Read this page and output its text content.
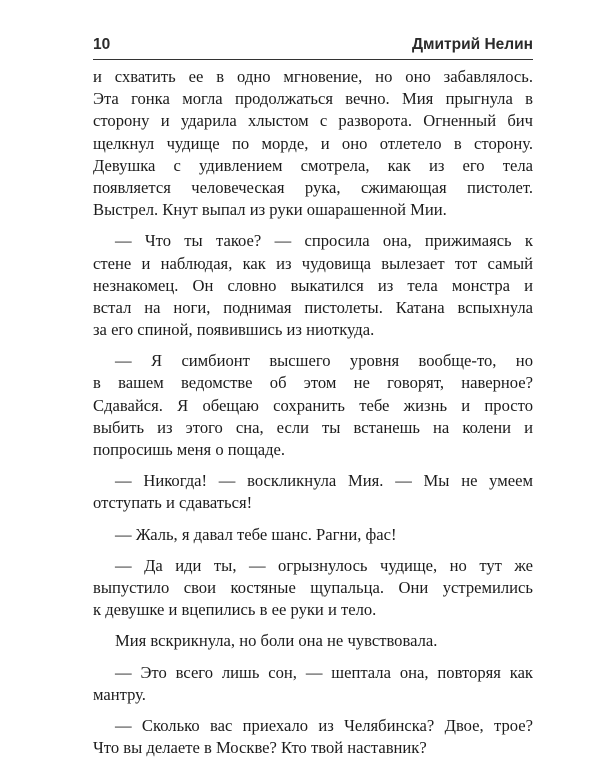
10	Дмитрий Нелин

и схватить ее в одно мгновение, но оно забавлялось.
Эта гонка могла продолжаться вечно. Мия прыгнула в
сторону и ударила хлыстом с разворота. Огненный бич
щелкнул чудище по морде, и оно отлетело в сторону.
Девушка с удивлением смотрела, как из его тела
появляется человеческая рука, сжимающая пистолет.
Выстрел. Кнут выпал из руки ошарашенной Мии.

— Что ты такое? — спросила она, прижимаясь к
стене и наблюдая, как из чудовища вылезает тот самый
незнакомец. Он словно выкатился из тела монстра и
встал на ноги, поднимая пистолеты. Катана вспыхнула
за его спиной, появившись из ниоткуда.

— Я симбионт высшего уровня вообще-то, но
в вашем ведомстве об этом не говорят, наверное?
Сдавайся. Я обещаю сохранить тебе жизнь и просто
выбить из этого сна, если ты встанешь на колени и
попросишь меня о пощаде.

— Никогда! — воскликнула Мия. — Мы не умеем
отступать и сдаваться!

— Жаль, я давал тебе шанс. Рагни, фас!

— Да иди ты, — огрызнулось чудище, но тут же
выпустило свои костяные щупальца. Они устремились
к девушке и вцепились в ее руки и тело.

Мия вскрикнула, но боли она не чувствовала.

— Это всего лишь сон, — шептала она, повторяя как
мантру.

— Сколько вас приехало из Челябинска? Двое, трое?
Что вы делаете в Москве? Кто твой наставник?
